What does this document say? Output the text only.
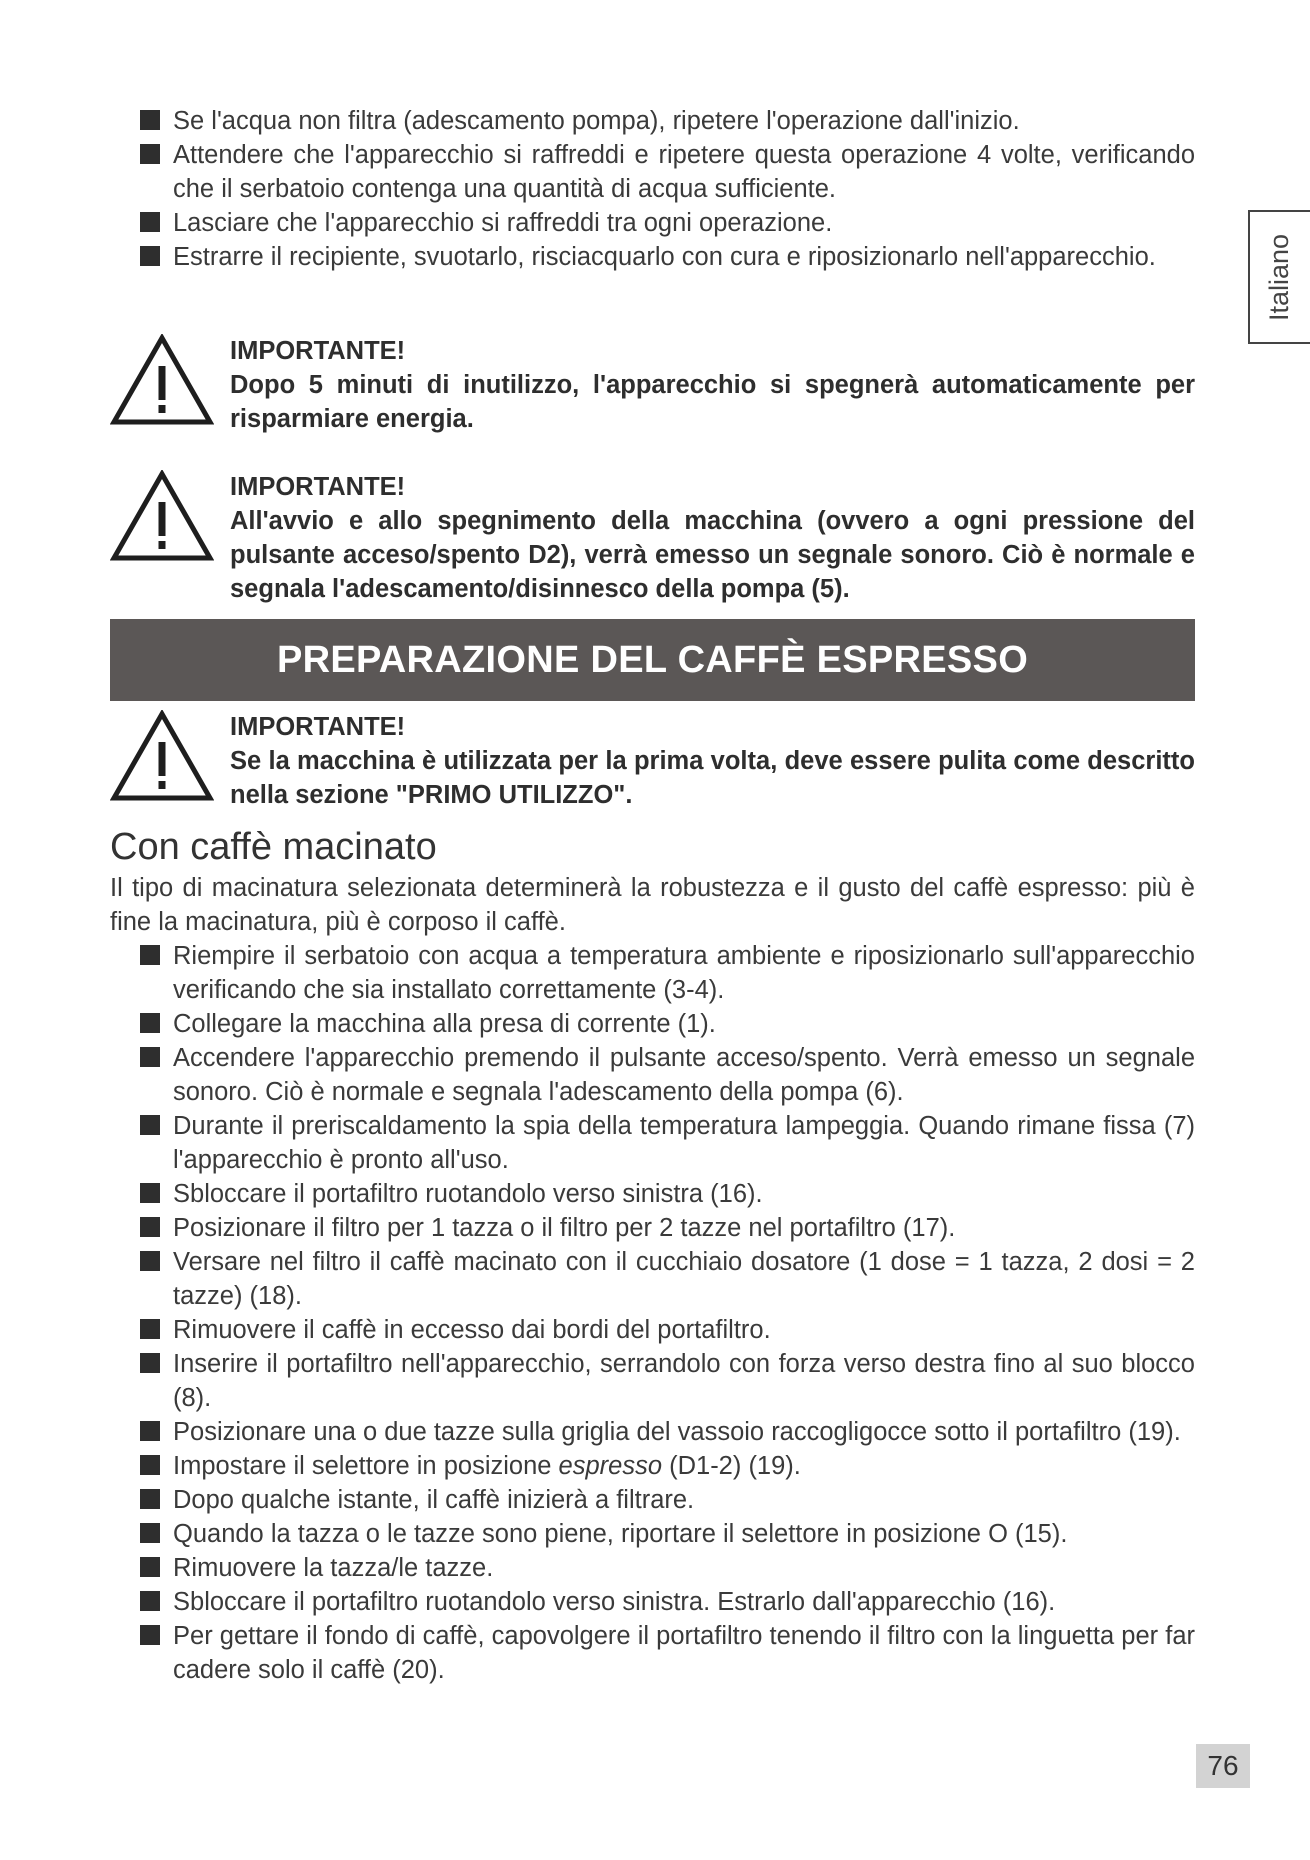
Italiano
Se l'acqua non filtra (adescamento pompa), ripetere l'operazione dall'inizio.
Attendere che l'apparecchio si raffreddi e ripetere questa operazione 4 volte, verificando che il serbatoio contenga una quantità di acqua sufficiente.
Lasciare che l'apparecchio si raffreddi tra ogni operazione.
Estrarre il recipiente, svuotarlo, risciacquarlo con cura e riposizionarlo nell'apparecchio.
IMPORTANTE!
Dopo 5 minuti di inutilizzo, l'apparecchio si spegnerà automaticamente per risparmiare energia.
IMPORTANTE!
All'avvio e allo spegnimento della macchina (ovvero a ogni pressione del pulsante acceso/spento D2), verrà emesso un segnale sonoro. Ciò è normale e segnala l'adescamento/disinnesco della pompa (5).
PREPARAZIONE DEL CAFFÈ ESPRESSO
IMPORTANTE!
Se la macchina è utilizzata per la prima volta, deve essere pulita come descritto nella sezione "PRIMO UTILIZZO".
Con caffè macinato

Il tipo di macinatura selezionata determinerà la robustezza e il gusto del caffè espresso: più è fine la macinatura, più è corposo il caffè.

Riempire il serbatoio con acqua a temperatura ambiente e riposizionarlo sull'apparecchio verificando che sia installato correttamente (3-4).
Collegare la macchina alla presa di corrente (1).
Accendere l'apparecchio premendo il pulsante acceso/spento. Verrà emesso un segnale sonoro. Ciò è normale e segnala l'adescamento della pompa (6).
Durante il preriscaldamento la spia della temperatura lampeggia. Quando rimane fissa (7) l'apparecchio è pronto all'uso.
Sbloccare il portafiltro ruotandolo verso sinistra (16).
Posizionare il filtro per 1 tazza o il filtro per 2 tazze nel portafiltro (17).
Versare nel filtro il caffè macinato con il cucchiaio dosatore (1 dose = 1 tazza, 2 dosi = 2 tazze) (18).
Rimuovere il caffè in eccesso dai bordi del portafiltro.
Inserire il portafiltro nell'apparecchio, serrandolo con forza verso destra fino al suo blocco (8).
Posizionare una o due tazze sulla griglia del vassoio raccogligocce sotto il portafiltro (19).
Impostare il selettore in posizione espresso (D1-2) (19).
Dopo qualche istante, il caffè inizierà a filtrare.
Quando la tazza o le tazze sono piene, riportare il selettore in posizione O (15).
Rimuovere la tazza/le tazze.
Sbloccare il portafiltro ruotandolo verso sinistra. Estrarlo dall'apparecchio (16).
Per gettare il fondo di caffè, capovolgere il portafiltro tenendo il filtro con la linguetta per far cadere solo il caffè (20).
76
